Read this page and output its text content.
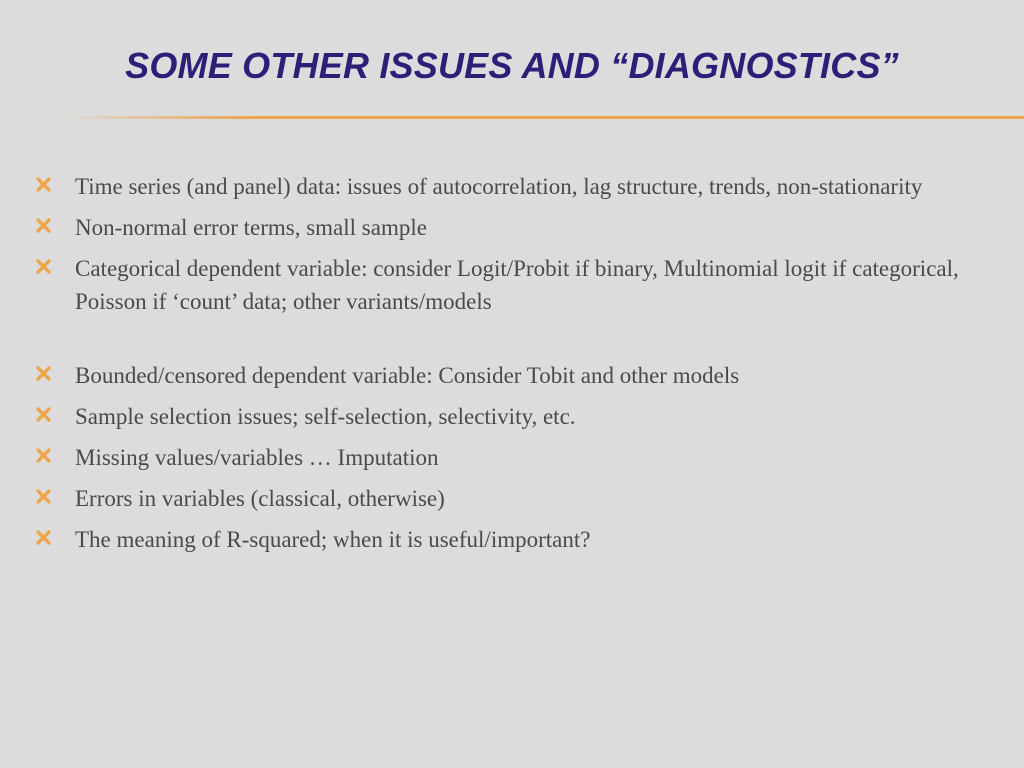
SOME OTHER ISSUES AND “DIAGNOSTICS”
Time series (and panel) data: issues of autocorrelation, lag structure, trends, non-stationarity
Non-normal error terms, small sample
Categorical dependent variable: consider Logit/Probit if binary, Multinomial logit if categorical, Poisson if ‘count’ data; other variants/models
Bounded/censored dependent variable: Consider Tobit and other models
Sample selection issues; self-selection, selectivity, etc.
Missing values/variables … Imputation
Errors in variables (classical, otherwise)
The meaning of R-squared; when it is useful/important?
